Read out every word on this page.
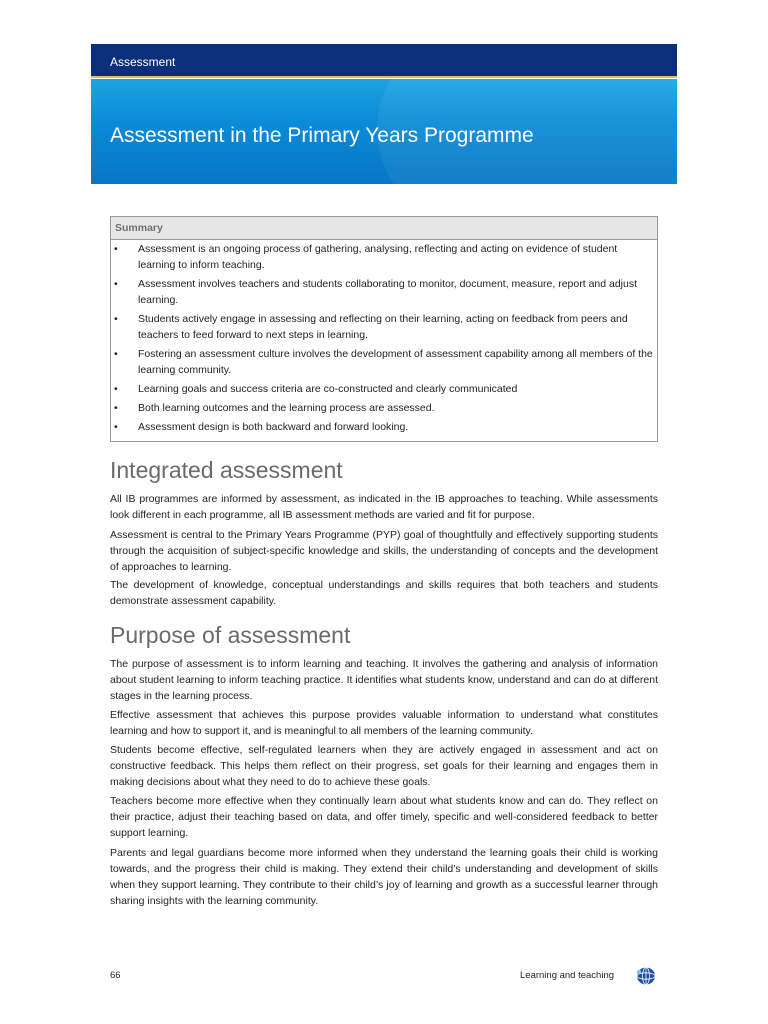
Assessment
Assessment in the Primary Years Programme
Summary
• Assessment is an ongoing process of gathering, analysing, reflecting and acting on evidence of student learning to inform teaching.
• Assessment involves teachers and students collaborating to monitor, document, measure, report and adjust learning.
• Students actively engage in assessing and reflecting on their learning, acting on feedback from peers and teachers to feed forward to next steps in learning.
• Fostering an assessment culture involves the development of assessment capability among all members of the learning community.
• Learning goals and success criteria are co-constructed and clearly communicated
• Both learning outcomes and the learning process are assessed.
• Assessment design is both backward and forward looking.
Integrated assessment

All IB programmes are informed by assessment, as indicated in the IB approaches to teaching. While assessments look different in each programme, all IB assessment methods are varied and fit for purpose.

Assessment is central to the Primary Years Programme (PYP) goal of thoughtfully and effectively supporting students through the acquisition of subject-specific knowledge and skills, the understanding of concepts and the development of approaches to learning.

The development of knowledge, conceptual understandings and skills requires that both teachers and students demonstrate assessment capability.

Purpose of assessment

The purpose of assessment is to inform learning and teaching. It involves the gathering and analysis of information about student learning to inform teaching practice. It identifies what students know, understand and can do at different stages in the learning process.

Effective assessment that achieves this purpose provides valuable information to understand what constitutes learning and how to support it, and is meaningful to all members of the learning community.

Students become effective, self-regulated learners when they are actively engaged in assessment and act on constructive feedback. This helps them reflect on their progress, set goals for their learning and engages them in making decisions about what they need to do to achieve these goals.

Teachers become more effective when they continually learn about what students know and can do. They reflect on their practice, adjust their teaching based on data, and offer timely, specific and well-considered feedback to better support learning.

Parents and legal guardians become more informed when they understand the learning goals their child is working towards, and the progress their child is making. They extend their child’s understanding and development of skills when they support learning. They contribute to their child’s joy of learning and growth as a successful learner through sharing insights with the learning community.

66	Learning and teaching
